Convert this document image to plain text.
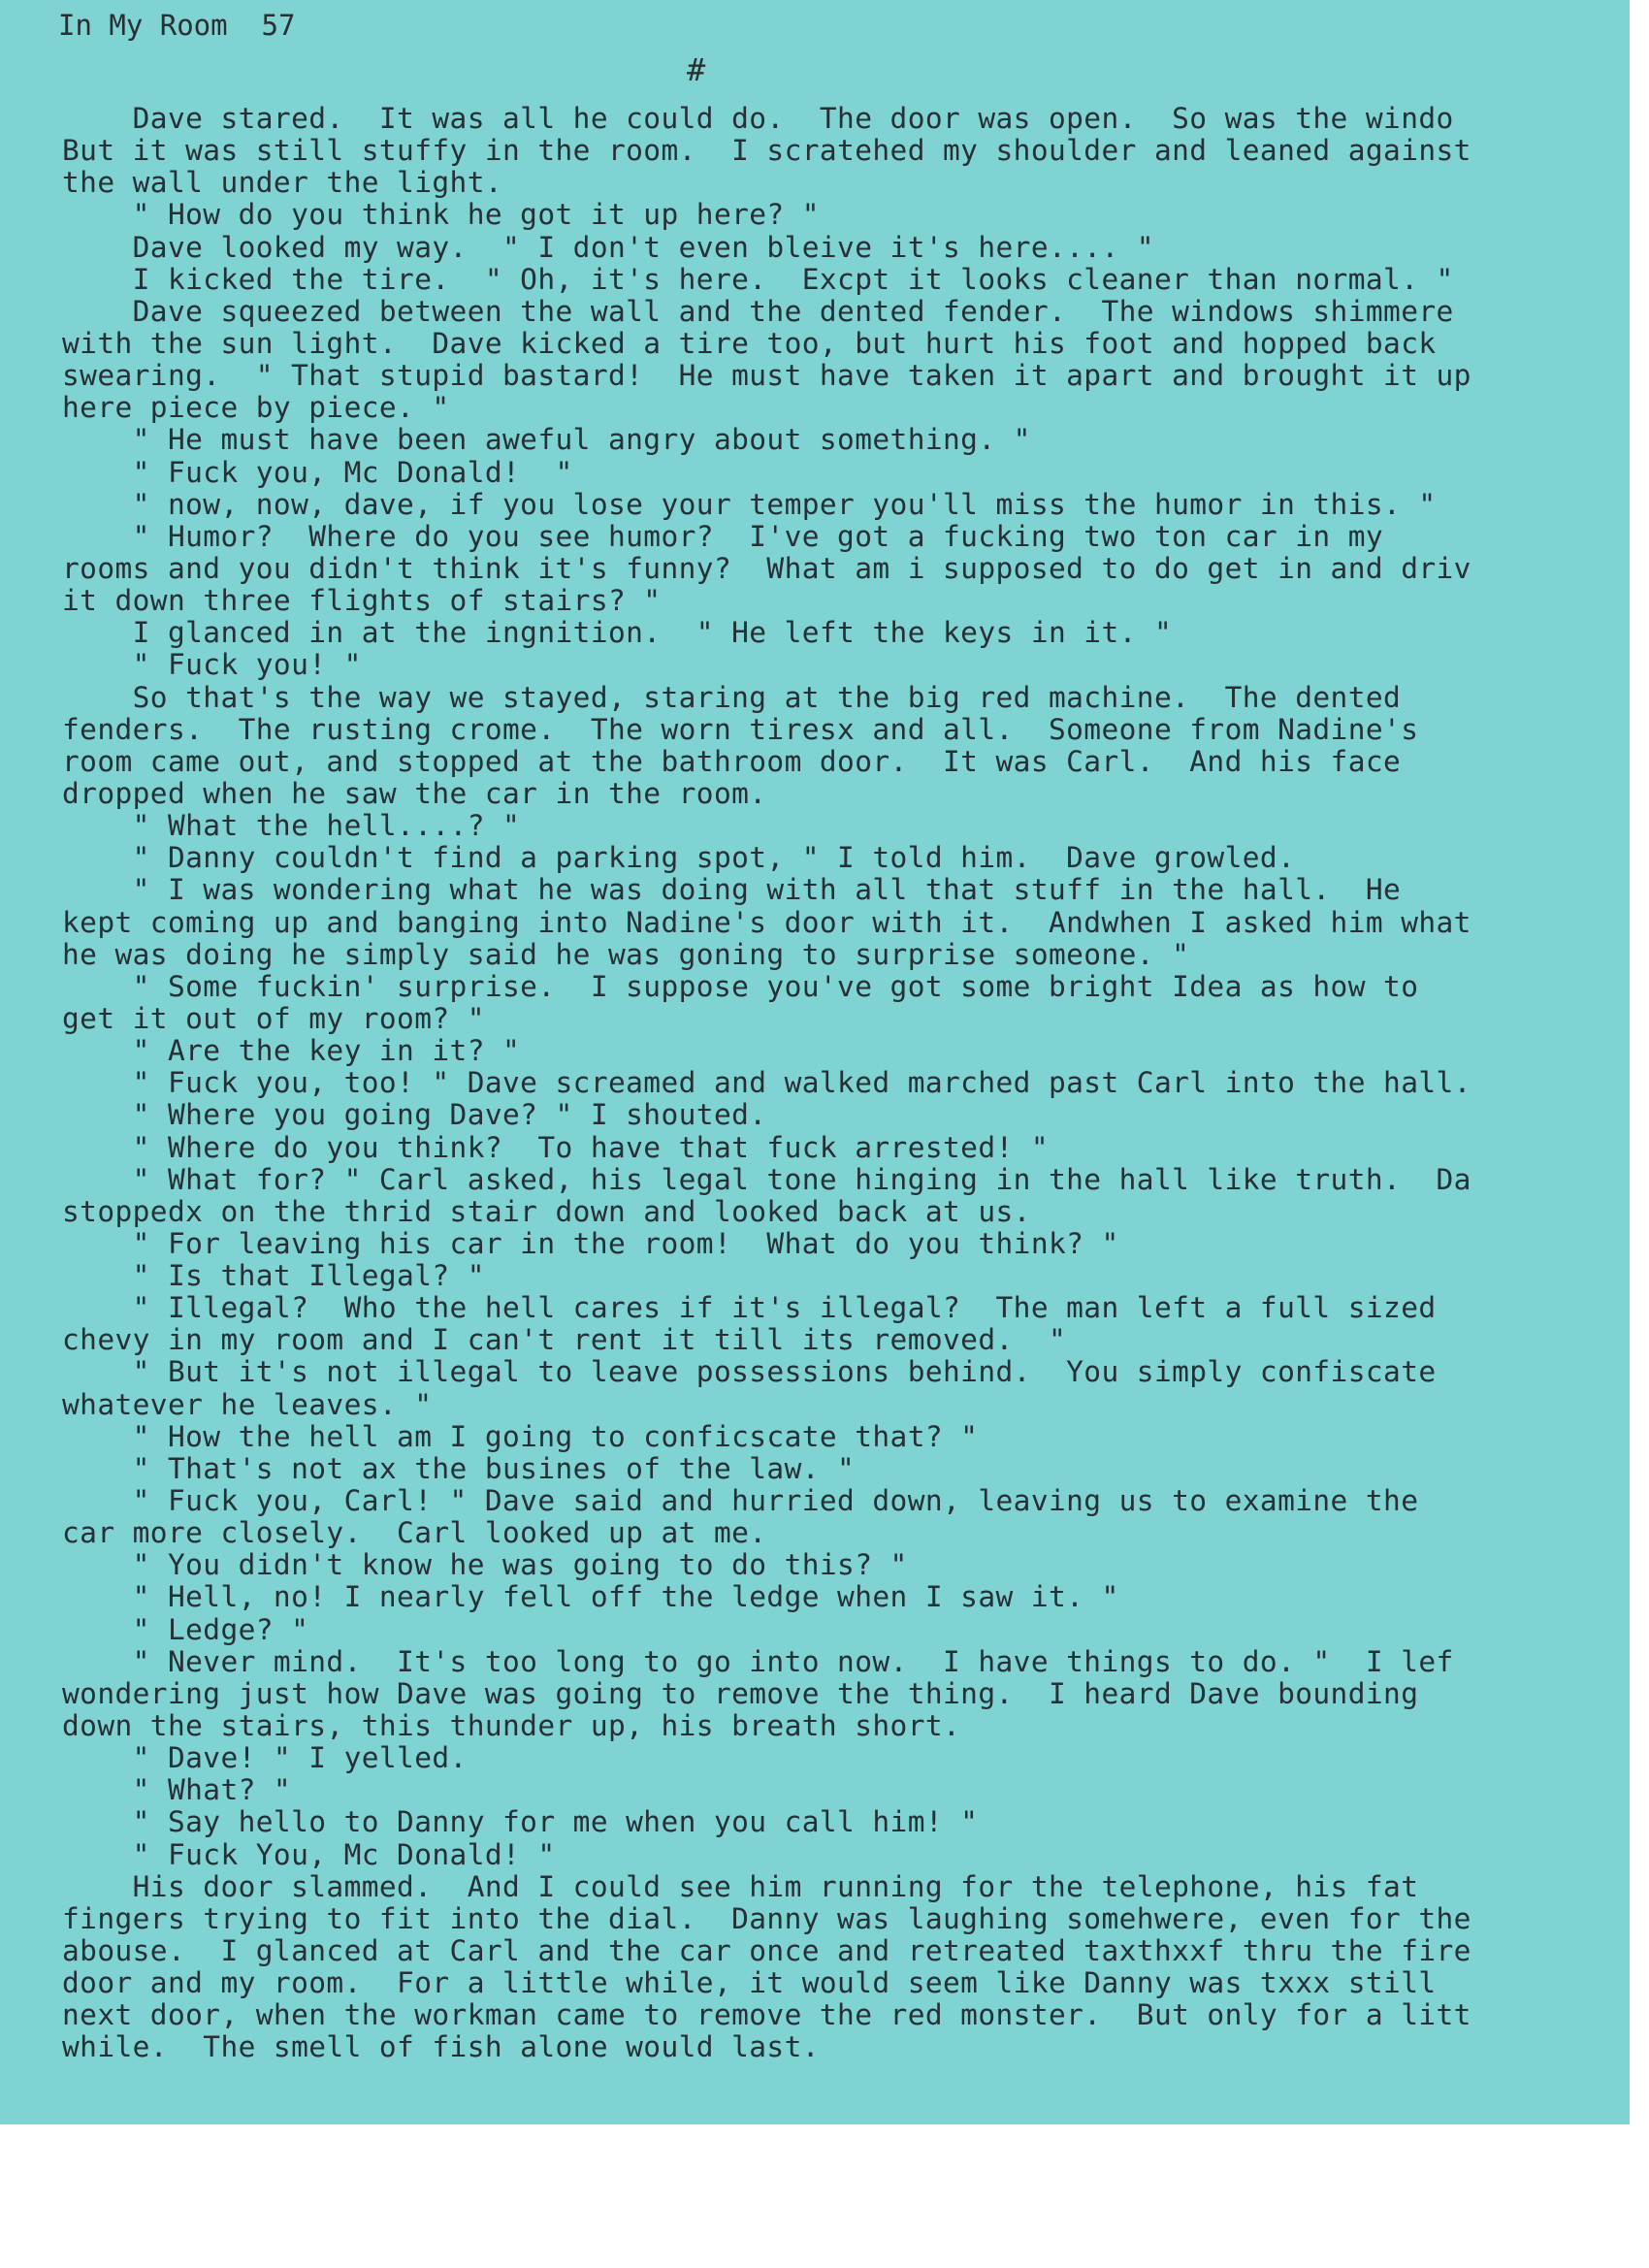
In My Room  57
#
Dave stared.  It was all he could do.  The door was open.  So was the windo
But it was still stuffy in the room.  I scratehed my shoulder and leaned against
the wall under the light.
" How do you think he got it up here? "
Dave looked my way.  " I don't even bleive it's here.... "
I kicked the tire.  " Oh, it's here.  Excpt it looks cleaner than normal. "
Dave squeezed between the wall and the dented fender.  The windows shimmere
with the sun light.  Dave kicked a tire too, but hurt his foot and hopped back
swearing.  " That stupid bastard!  He must have taken it apart and brought it up
here piece by piece. "
" He must have been aweful angry about something. "
" Fuck you, Mc Donald!  "
" now, now, dave, if you lose your temper you'll miss the humor in this. "
" Humor?  Where do you see humor?  I've got a fucking two ton car in my
rooms and you didn't think it's funny?  What am i supposed to do get in and driv
it down three flights of stairs? "
I glanced in at the ingnition.  " He left the keys in it. "
" Fuck you! "
So that's the way we stayed, staring at the big red machine.  The dented
fenders.  The rusting crome.  The worn tiresx and all.  Someone from Nadine's
room came out, and stopped at the bathroom door.  It was Carl.  And his face
dropped when he saw the car in the room.
" What the hell....? "
" Danny couldn't find a parking spot, " I told him.  Dave growled.
" I was wondering what he was doing with all that stuff in the hall.  He
kept coming up and banging into Nadine's door with it.  Andwhen I asked him what
he was doing he simply said he was goning to surprise someone. "
" Some fuckin' surprise.  I suppose you've got some bright Idea as how to
get it out of my room? "
" Are the key in it? "
" Fuck you, too! " Dave screamed and walked marched past Carl into the hall.
" Where you going Dave? " I shouted.
" Where do you think?  To have that fuck arrested! "
" What for? " Carl asked, his legal tone hinging in the hall like truth.  Da
stoppedx on the thrid stair down and looked back at us.
" For leaving his car in the room!  What do you think? "
" Is that Illegal? "
" Illegal?  Who the hell cares if it's illegal?  The man left a full sized
chevy in my room and I can't rent it till its removed.  "
" But it's not illegal to leave possessions behind.  You simply confiscate
whatever he leaves. "
" How the hell am I going to conficscate that? "
" That's not ax the busines of the law. "
" Fuck you, Carl! " Dave said and hurried down, leaving us to examine the
car more closely.  Carl looked up at me.
" You didn't know he was going to do this? "
" Hell, no! I nearly fell off the ledge when I saw it. "
" Ledge? "
" Never mind.  It's too long to go into now.  I have things to do. "  I lef
wondering just how Dave was going to remove the thing.  I heard Dave bounding
down the stairs, this thunder up, his breath short.
" Dave! " I yelled.
" What? "
" Say hello to Danny for me when you call him! "
" Fuck You, Mc Donald! "
His door slammed.  And I could see him running for the telephone, his fat
fingers trying to fit into the dial.  Danny was laughing somehwere, even for the
abouse.  I glanced at Carl and the car once and retreated taxthxxf thru the fire
door and my room.  For a little while, it would seem like Danny was txxx still
next door, when the workman came to remove the red monster.  But only for a litt
while.  The smell of fish alone would last.
